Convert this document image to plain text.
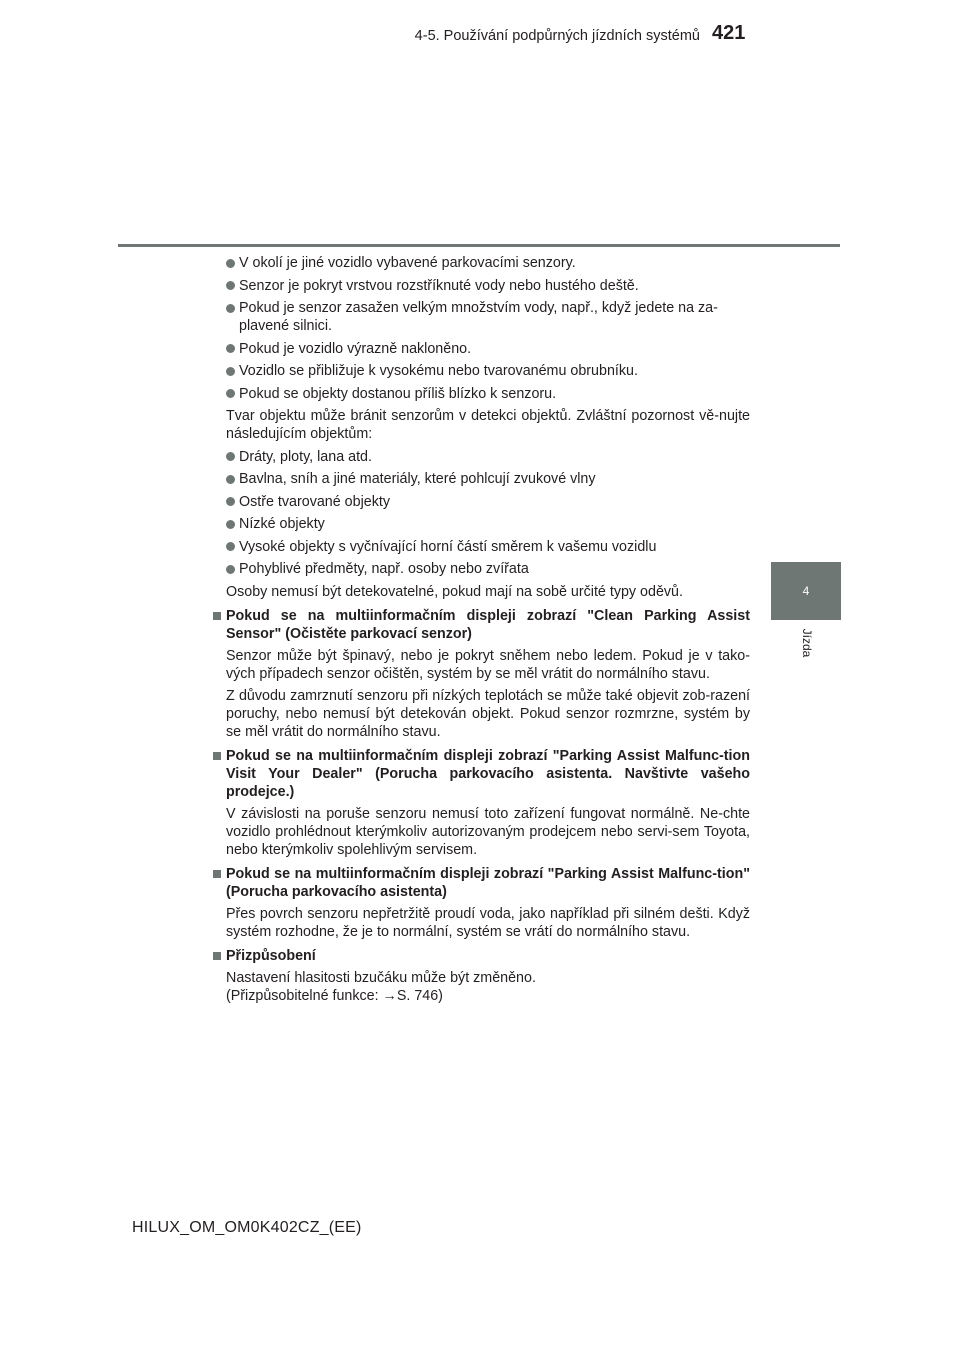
4-5. Používání podpůrných jízdních systémů 421
4
Jízda
V okolí je jiné vozidlo vybavené parkovacími senzory.
Senzor je pokryt vrstvou rozstříknuté vody nebo hustého deště.
Pokud je senzor zasažen velkým množstvím vody, např., když jedete na za-plavené silnici.
Pokud je vozidlo výrazně nakloněno.
Vozidlo se přibližuje k vysokému nebo tvarovanému obrubníku.
Pokud se objekty dostanou příliš blízko k senzoru.

Tvar objektu může bránit senzorům v detekci objektů. Zvláštní pozornost vě-nujte následujícím objektům:

Dráty, ploty, lana atd.
Bavlna, sníh a jiné materiály, které pohlcují zvukové vlny
Ostře tvarované objekty
Nízké objekty
Vysoké objekty s vyčnívající horní částí směrem k vašemu vozidlu
Pohyblivé předměty, např. osoby nebo zvířata

Osoby nemusí být detekovatelné, pokud mají na sobě určité typy oděvů.

Pokud se na multiinformačním displeji zobrazí "Clean Parking Assist Sensor" (Očistěte parkovací senzor)

Senzor může být špinavý, nebo je pokryt sněhem nebo ledem. Pokud je v tako-vých případech senzor očištěn, systém by se měl vrátit do normálního stavu.

Z důvodu zamrznutí senzoru při nízkých teplotách se může také objevit zob-razení poruchy, nebo nemusí být detekován objekt. Pokud senzor rozmrzne, systém by se měl vrátit do normálního stavu.

Pokud se na multiinformačním displeji zobrazí "Parking Assist Malfunc-tion Visit Your Dealer" (Porucha parkovacího asistenta. Navštivte vašeho prodejce.)

V závislosti na poruše senzoru nemusí toto zařízení fungovat normálně. Ne-chte vozidlo prohlédnout kterýmkoliv autorizovaným prodejcem nebo servi-sem Toyota, nebo kterýmkoliv spolehlivým servisem.

Pokud se na multiinformačním displeji zobrazí "Parking Assist Malfunc-tion" (Porucha parkovacího asistenta)

Přes povrch senzoru nepřetržitě proudí voda, jako například při silném dešti. Když systém rozhodne, že je to normální, systém se vrátí do normálního stavu.

Přizpůsobení

Nastavení hlasitosti bzučáku může být změněno.

(Přizpůsobitelné funkce: →S. 746)

HILUX_OM_OM0K402CZ_(EE)
